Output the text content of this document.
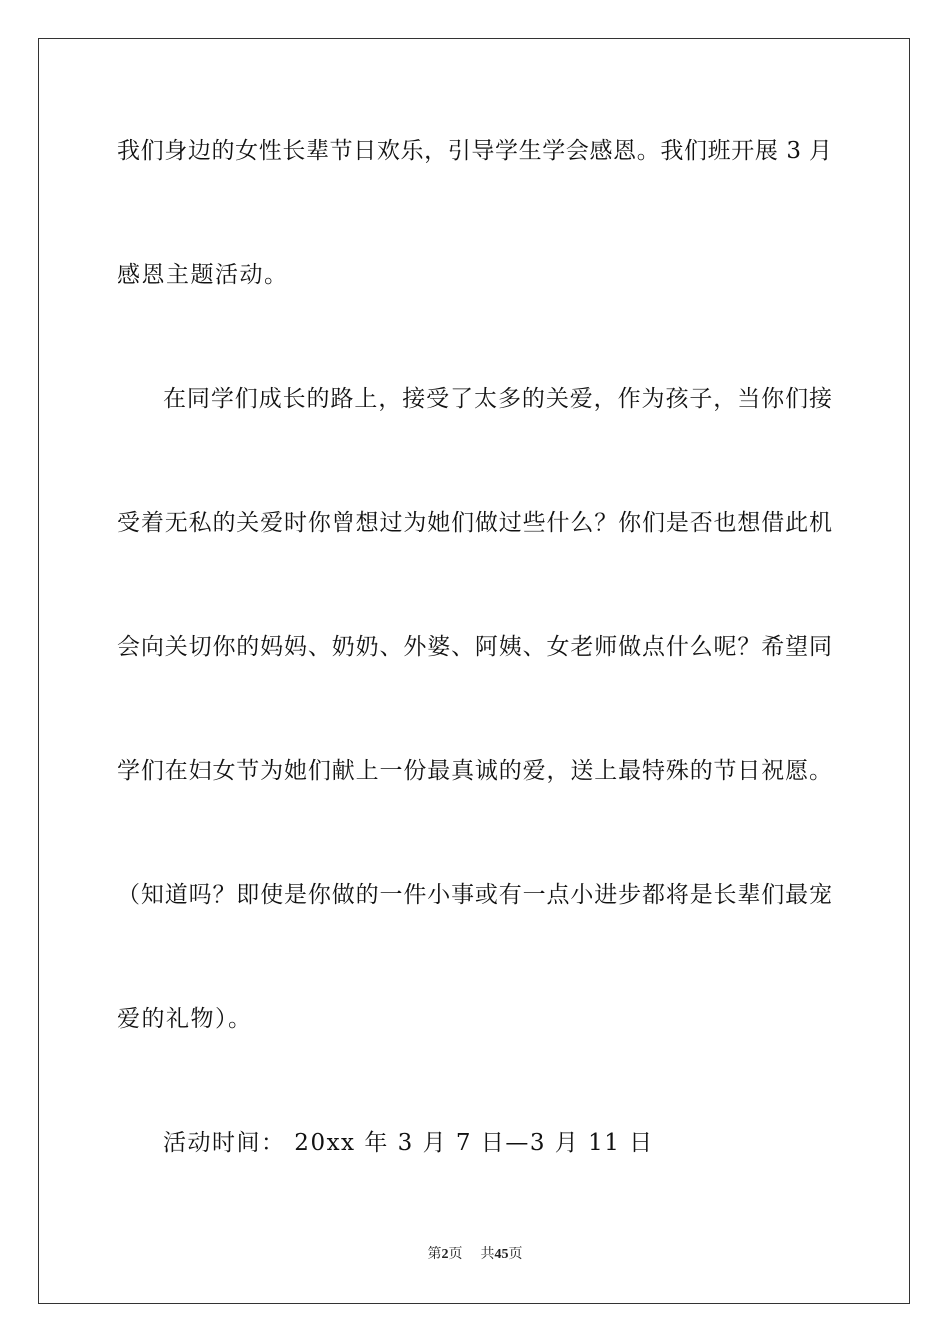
我们身边的女性长辈节日欢乐，引导学生学会感恩。我们班开展 3 月
感恩主题活动。
在同学们成长的路上，接受了太多的关爱，作为孩子，当你们接
受着无私的关爱时你曾想过为她们做过些什么？你们是否也想借此机
会向关切你的妈妈、奶奶、外婆、阿姨、女老师做点什么呢？希望同
学们在妇女节为她们献上一份最真诚的爱，送上最特殊的节日祝愿。
（知道吗？即使是你做的一件小事或有一点小进步都将是长辈们最宠
爱的礼物）。
活动时间： 20xx 年 3 月 7 日—3 月 11 日
第2页 共45页
